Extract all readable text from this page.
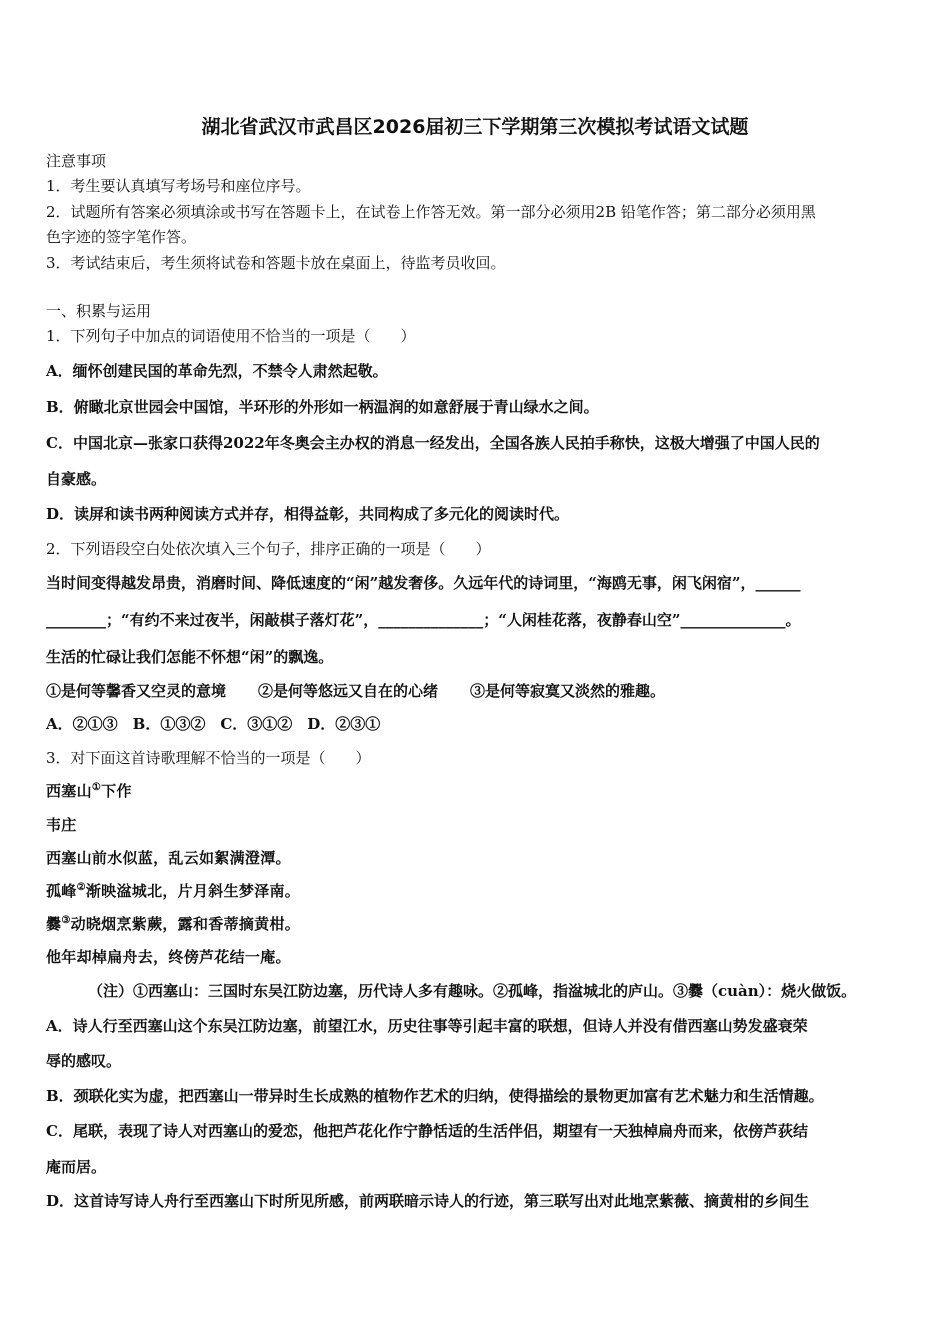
湖北省武汉市武昌区2026届初三下学期第三次模拟考试语文试题
注意事项
1．考生要认真填写考场号和座位序号。
2．试题所有答案必须填涂或书写在答题卡上，在试卷上作答无效。第一部分必须用2B 铅笔作答；第二部分必须用黑
色字迹的签字笔作答。
3．考试结束后，考生须将试卷和答题卡放在桌面上，待监考员收回。
一、积累与运用
1．下列句子中加点的词语使用不恰当的一项是（　　）
A．缅怀创建民国的革命先烈，不禁令人肃然起敬。
B．俯瞰北京世园会中国馆，半环形的外形如一柄温润的如意舒展于青山绿水之间。
C．中国北京—张家口获得2022年冬奥会主办权的消息一经发出，全国各族人民拍手称快，这极大增强了中国人民的
自豪感。
D．读屏和读书两种阅读方式并存，相得益彰，共同构成了多元化的阅读时代。
2．下列语段空白处依次填入三个句子，排序正确的一项是（　　）
当时间变得越发昂贵，消磨时间、降低速度的“闲”越发奢侈。久远年代的诗词里，“海鸥无事，闲飞闲宿”，______
________；“有约不来过夜半，闲敲棋子落灯花”，______________；“人闲桂花落，夜静春山空”______________。
生活的忙碌让我们怎能不怀想“闲”的飘逸。
①是何等馨香又空灵的意境 ②是何等悠远又自在的心绪 ③是何等寂寞又淡然的雅趣。
A．②①③　B．①③②　C．③①②　D．②③①
3．对下面这首诗歌理解不恰当的一项是（　　）
西塞山①下作
韦庄
西塞山前水似蓝，乱云如絮满澄潭。
孤峰②渐映湓城北，片月斜生梦泽南。
爨③动晓烟烹紫蕨，露和香蒂摘黄柑。
他年却棹扁舟去，终傍芦花结一庵。
（注）①西塞山：三国时东吴江防边塞，历代诗人多有趣咏。②孤峰，指湓城北的庐山。③爨（cuàn）：烧火做饭。
A．诗人行至西塞山这个东吴江防边塞，前望江水，历史往事等引起丰富的联想，但诗人并没有借西塞山势发盛衰荣
辱的感叹。
B．颈联化实为虚，把西塞山一带异时生长成熟的植物作艺术的归纳，使得描绘的景物更加富有艺术魅力和生活情趣。
C．尾联，表现了诗人对西塞山的爱恋，他把芦花化作宁静恬适的生活伴侣，期望有一天独棹扁舟而来，依傍芦荻结
庵而居。
D．这首诗写诗人舟行至西塞山下时所见所感，前两联暗示诗人的行迹，第三联写出对此地烹紫薇、摘黄柑的乡间生
